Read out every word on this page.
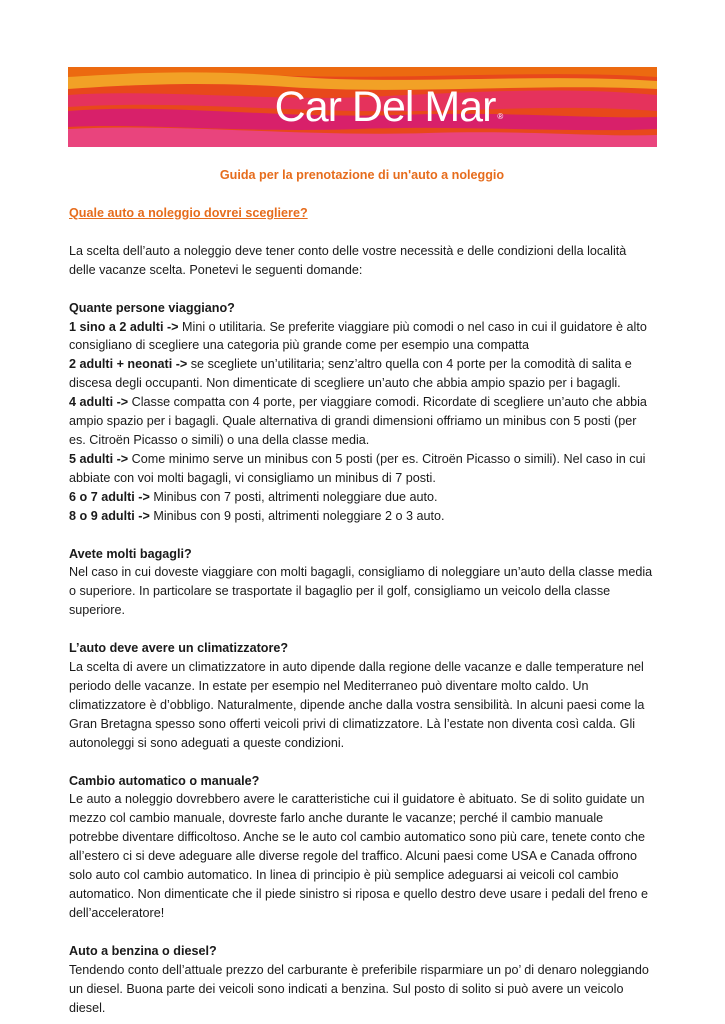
Car Del Mar ®

Guida per la prenotazione di un'auto a noleggio

Quale auto a noleggio dovrei scegliere?

La scelta dell’auto a noleggio deve tener conto delle vostre necessità e delle condizioni della località delle vacanze scelta. Ponetevi le seguenti domande:

Quante persone viaggiano?

1 sino a 2 adulti -> Mini o utilitaria. Se preferite viaggiare più comodi o nel caso in cui il guidatore è alto consigliano di scegliere una categoria più grande come per esempio una compatta

2 adulti + neonati -> se scegliete un’utilitaria; senz’altro quella con 4 porte per la comodità di salita e discesa degli occupanti. Non dimenticate di scegliere un’auto che abbia ampio spazio per i bagagli.

4 adulti -> Classe compatta con 4 porte, per viaggiare comodi. Ricordate di scegliere un’auto che abbia ampio spazio per i bagagli. Quale alternativa di grandi dimensioni offriamo un minibus con 5 posti (per es. Citroën Picasso o simili) o una della classe media.

5 adulti -> Come minimo serve un minibus con 5 posti (per es. Citroën Picasso o simili). Nel caso in cui abbiate con voi molti bagagli, vi consigliamo un minibus di 7 posti.

6 o 7 adulti -> Minibus con 7 posti, altrimenti noleggiare due auto.

8 o 9 adulti -> Minibus con 9 posti, altrimenti noleggiare 2 o 3 auto.

Avete molti bagagli?

Nel caso in cui doveste viaggiare con molti bagagli, consigliamo di noleggiare un’auto della classe media o superiore. In particolare se trasportate il bagaglio per il golf, consigliamo un veicolo della classe superiore.

L’auto deve avere un climatizzatore?

La scelta di avere un climatizzatore in auto dipende dalla regione delle vacanze e dalle temperature nel periodo delle vacanze. In estate per esempio nel Mediterraneo può diventare molto caldo. Un climatizzatore è d’obbligo. Naturalmente, dipende anche dalla vostra sensibilità. In alcuni paesi come la Gran Bretagna spesso sono offerti veicoli privi di climatizzatore. Là l’estate non diventa così calda. Gli autonoleggi si sono adeguati a queste condizioni.

Cambio automatico o manuale?

Le auto a noleggio dovrebbero avere le caratteristiche cui il guidatore è abituato. Se di solito guidate un mezzo col cambio manuale, dovreste farlo anche durante le vacanze; perché il cambio manuale potrebbe diventare difficoltoso. Anche se le auto col cambio automatico sono più care, tenete conto che all’estero ci si deve adeguare alle diverse regole del traffico. Alcuni paesi come USA e Canada offrono solo auto col cambio automatico. In linea di principio è più semplice adeguarsi ai veicoli col cambio automatico. Non dimenticate che il piede sinistro si riposa e quello destro deve usare i pedali del freno e dell’acceleratore!

Auto a benzina o diesel?

Tendendo conto dell’attuale prezzo del carburante è preferibile risparmiare un po’ di denaro noleggiando un diesel. Buona parte dei veicoli sono indicati a benzina. Sul posto di solito si può avere un veicolo diesel.
